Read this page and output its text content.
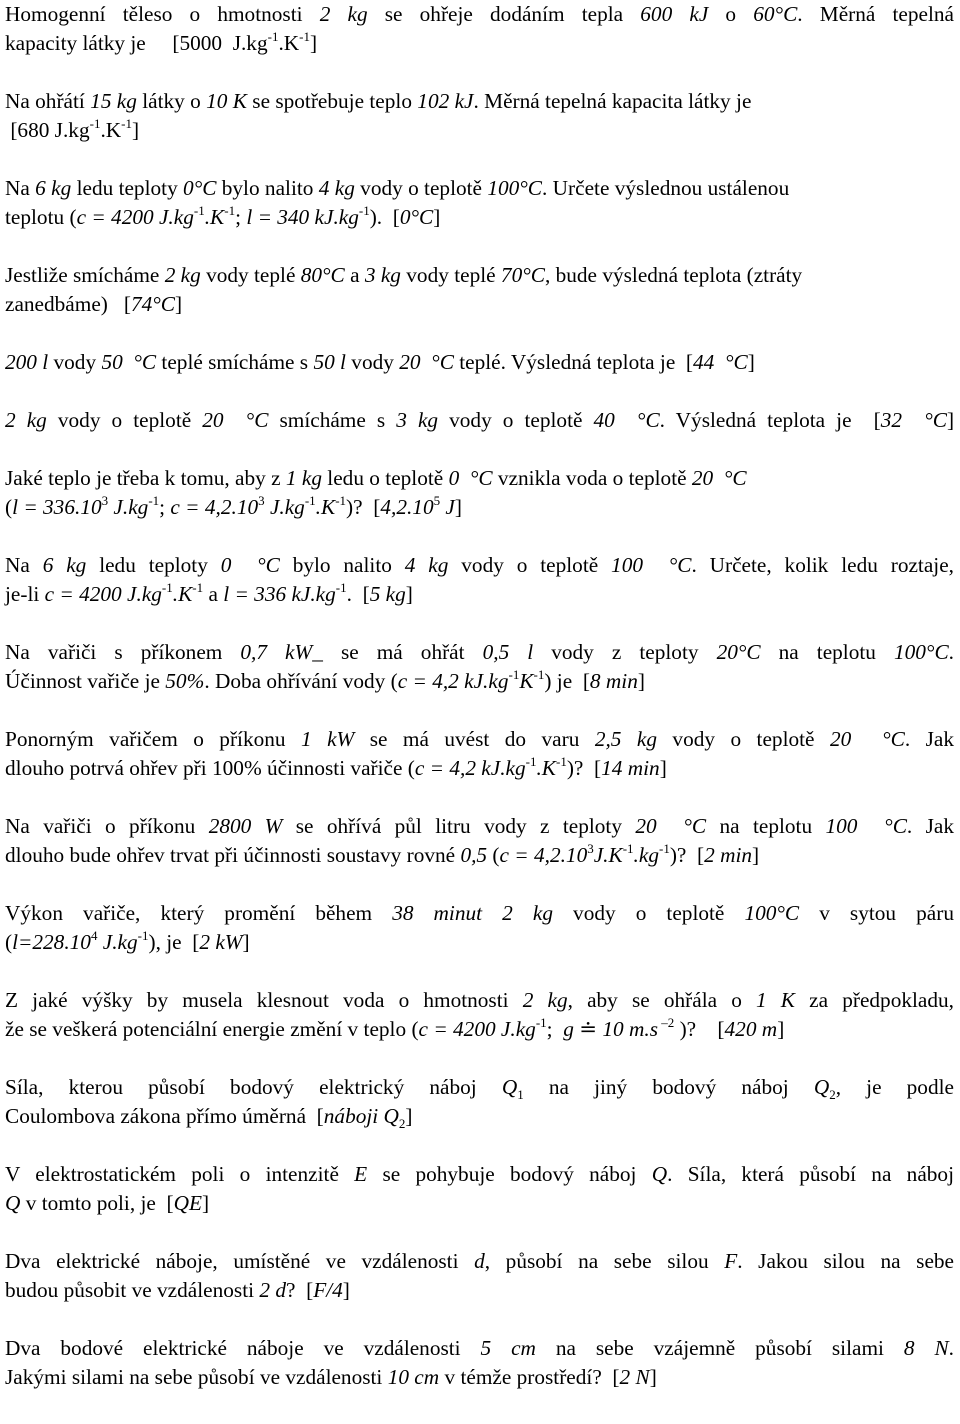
Homogenní těleso o hmotnosti 2 kg se ohřeje dodáním tepla 600 kJ o 60°C. Měrná tepelná
kapacity látky je     [5000  $J.kg^{-1}.K^{-1}$]

Na ohřátí 15 kg látky o 10 K se spotřebuje teplo 102 kJ. Měrná tepelná kapacita látky je
[680 $J.kg^{-1}.K^{-1}$]

Na 6 kg ledu teploty 0°C bylo nalito 4 kg vody o teplotě 100°C. Určete výslednou ustálenou
teplotu (c = 4200 $J.kg^{-1}.K^{-1}$; l = 340 $kJ.kg^{-1}$).  [0°C]

Jestliže smícháme 2 kg vody teplé 80°C a 3 kg vody teplé 70°C, bude výsledná teplota (ztráty
zanedbáme)   [74°C]

200 l vody 50  °C teplé smícháme s 50 l vody 20  °C teplé. Výsledná teplota je  [44  °C]

2 kg vody o teplotě 20  °C smícháme s 3 kg vody o teplotě 40  °C. Výsledná teplota je  [32  °C]

Jaké teplo je třeba k tomu, aby z 1 kg ledu o teplotě 0  °C vznikla voda o teplotě 20  °C
($l = 336.10^3$ $J.kg^{-1}$; $c = 4,2.10^3$ $J.kg^{-1}.K^{-1}$)?  [4,2.10$^5$ J]

Na 6 kg ledu teploty 0  °C bylo nalito 4 kg vody o teplotě 100  °C. Určete, kolik ledu roztaje,
je-li c = 4200 $J.kg^{-1}.K^{-1}$ a l = 336 $kJ.kg^{-1}$.  [5 kg]

Na vařiči s příkonem 0,7 kW_ se má ohřát 0,5 l vody z teploty 20°C na teplotu 100°C.
Účinnost vařiče je 50%. Doba ohřívání vody (c = 4,2 $kJ.kg^{-1}K^{-1}$) je  [8 min]

Ponorným vařičem o příkonu 1 kW se má uvést do varu 2,5 kg vody o teplotě 20  °C. Jak
dlouho potrvá ohřev při 100% účinnosti vařiče (c = 4,2 $kJ.kg^{-1}.K^{-1}$)?  [14 min]

Na vařiči o příkonu 2800 W se ohřívá půl litru vody z teploty 20  °C na teplotu 100  °C. Jak
dlouho bude ohřev trvat při účinnosti soustavy rovné 0,5 $(c = 4,2.10^3J.K^{-1}.kg^{-1})$?  [2 min]

Výkon vařiče, který promění během 38 minut 2 kg vody o teplotě 100°C v sytou páru
($l=228.10^4$ $J.kg^{-1}$), je  [2 kW]

Z jaké výšky by musela klesnout voda o hmotnosti 2 kg, aby se ohřála o 1 K za předpokladu,
že se veškerá potenciální energie změní v teplo (c = 4200 $J.kg^{-1}$;  g ≐ 10 m.s $^{-2}$ )?    [420 m]

Síla, kterou působí bodový elektrický náboj $Q_1$ na jiný bodový náboj $Q_2$, je podle
Coulombova zákona přímo úměrná  [náboji $Q_2$]

V elektrostatickém poli o intenzitě E se pohybuje bodový náboj Q. Síla, která působí na náboj
Q v tomto poli, je  [QE]

Dva elektrické náboje, umístěné ve vzdálenosti d, působí na sebe silou F. Jakou silou na sebe
budou působit ve vzdálenosti 2 d?  [F/4]

Dva bodové elektrické náboje ve vzdálenosti 5 cm na sebe vzájemně působí silami 8 N.
Jakými silami na sebe působí ve vzdálenosti 10 cm v témže prostředí?  [2 N]
